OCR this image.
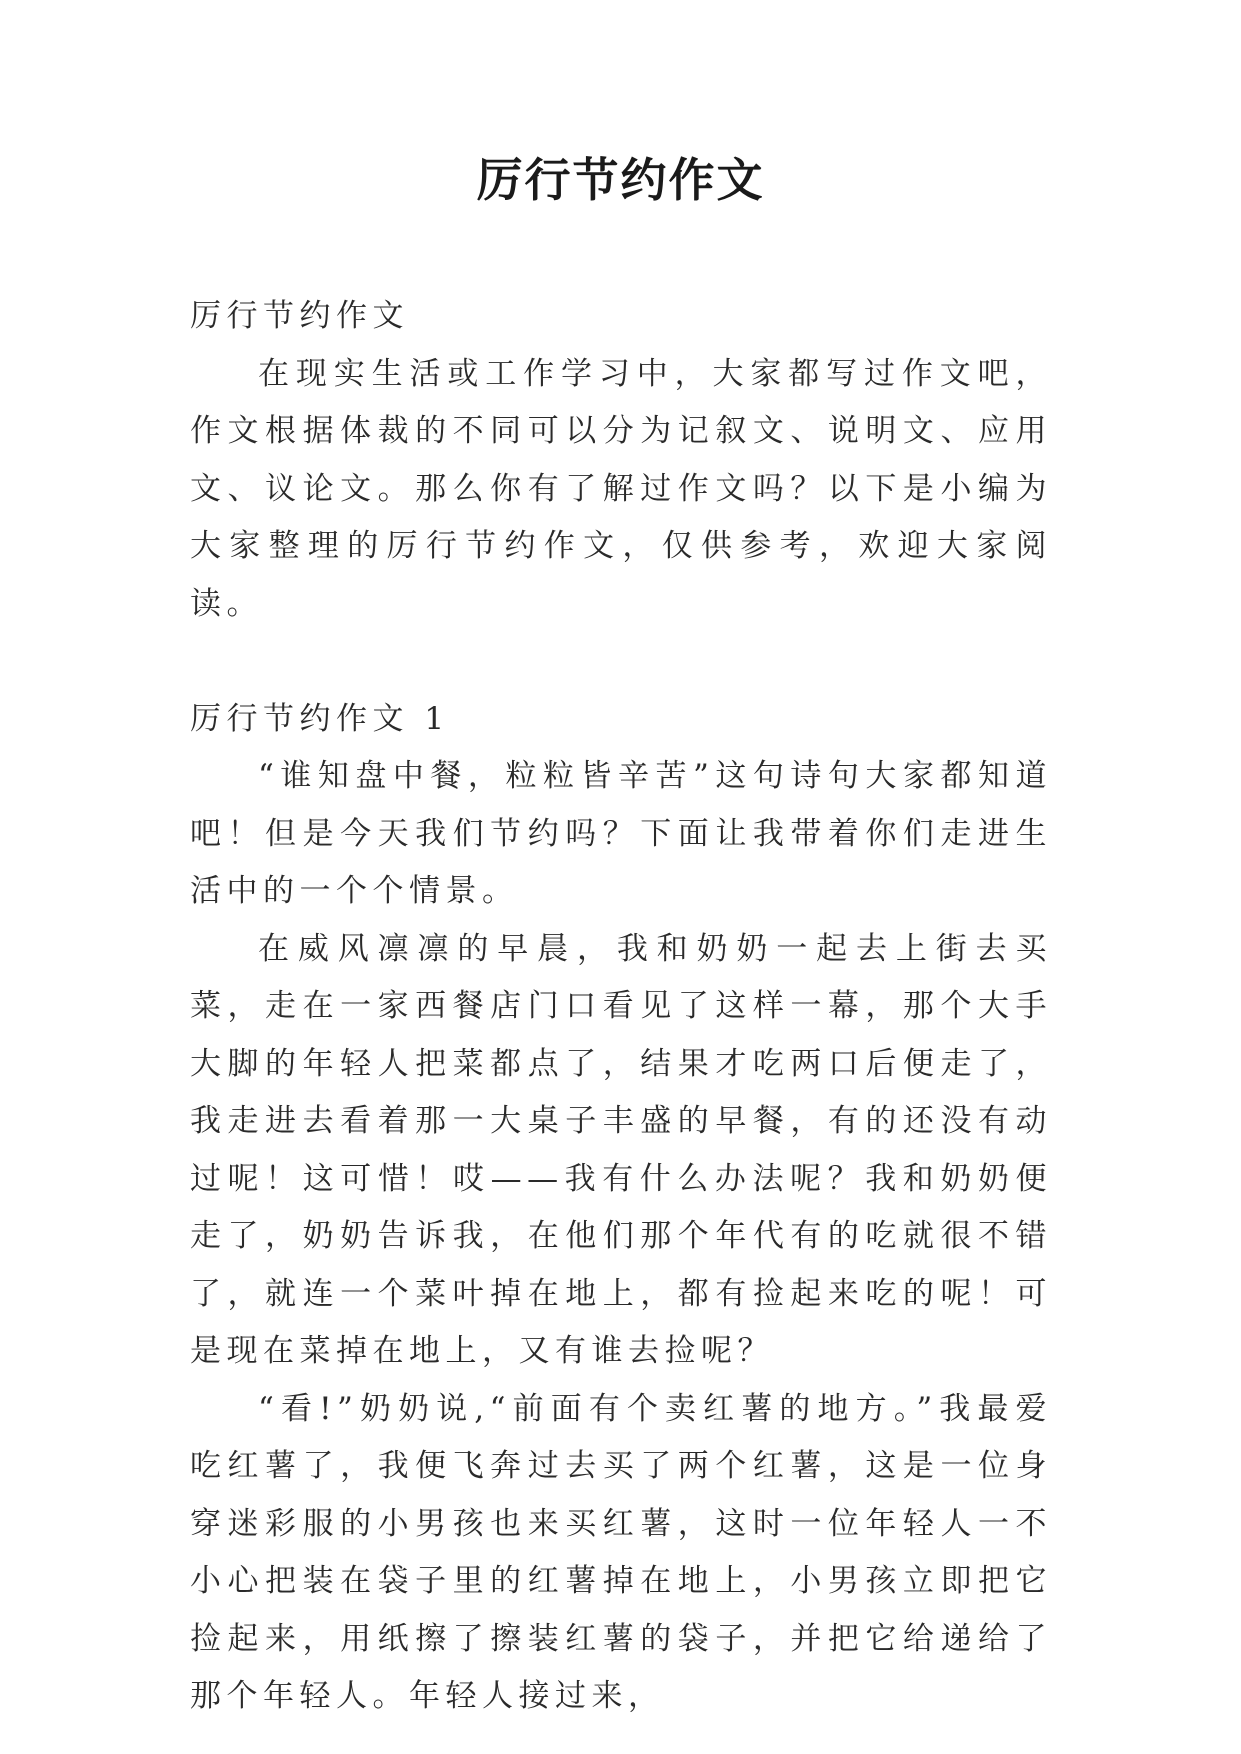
厉行节约作文

厉行节约作文

在现实生活或工作学习中，大家都写过作文吧，作文根据体裁的不同可以分为记叙文、说明文、应用文、议论文。那么你有了解过作文吗？以下是小编为大家整理的厉行节约作文，仅供参考，欢迎大家阅读。

厉行节约作文 1

“谁知盘中餐，粒粒皆辛苦”这句诗句大家都知道吧！但是今天我们节约吗？下面让我带着你们走进生活中的一个个情景。

在威风凛凛的早晨，我和奶奶一起去上街去买菜，走在一家西餐店门口看见了这样一幕，那个大手大脚的年轻人把菜都点了，结果才吃两口后便走了，我走进去看着那一大桌子丰盛的早餐，有的还没有动过呢！这可惜！哎——我有什么办法呢？我和奶奶便走了，奶奶告诉我，在他们那个年代有的吃就很不错了，就连一个菜叶掉在地上，都有捡起来吃的呢！可是现在菜掉在地上，又有谁去捡呢？

“看!”奶奶说,“前面有个卖红薯的地方。”我最爱吃红薯了，我便飞奔过去买了两个红薯，这是一位身穿迷彩服的小男孩也来买红薯，这时一位年轻人一不小心把装在袋子里的红薯掉在地上，小男孩立即把它捡起来，用纸擦了擦装红薯的袋子，并把它给递给了那个年轻人。年轻人接过来，
